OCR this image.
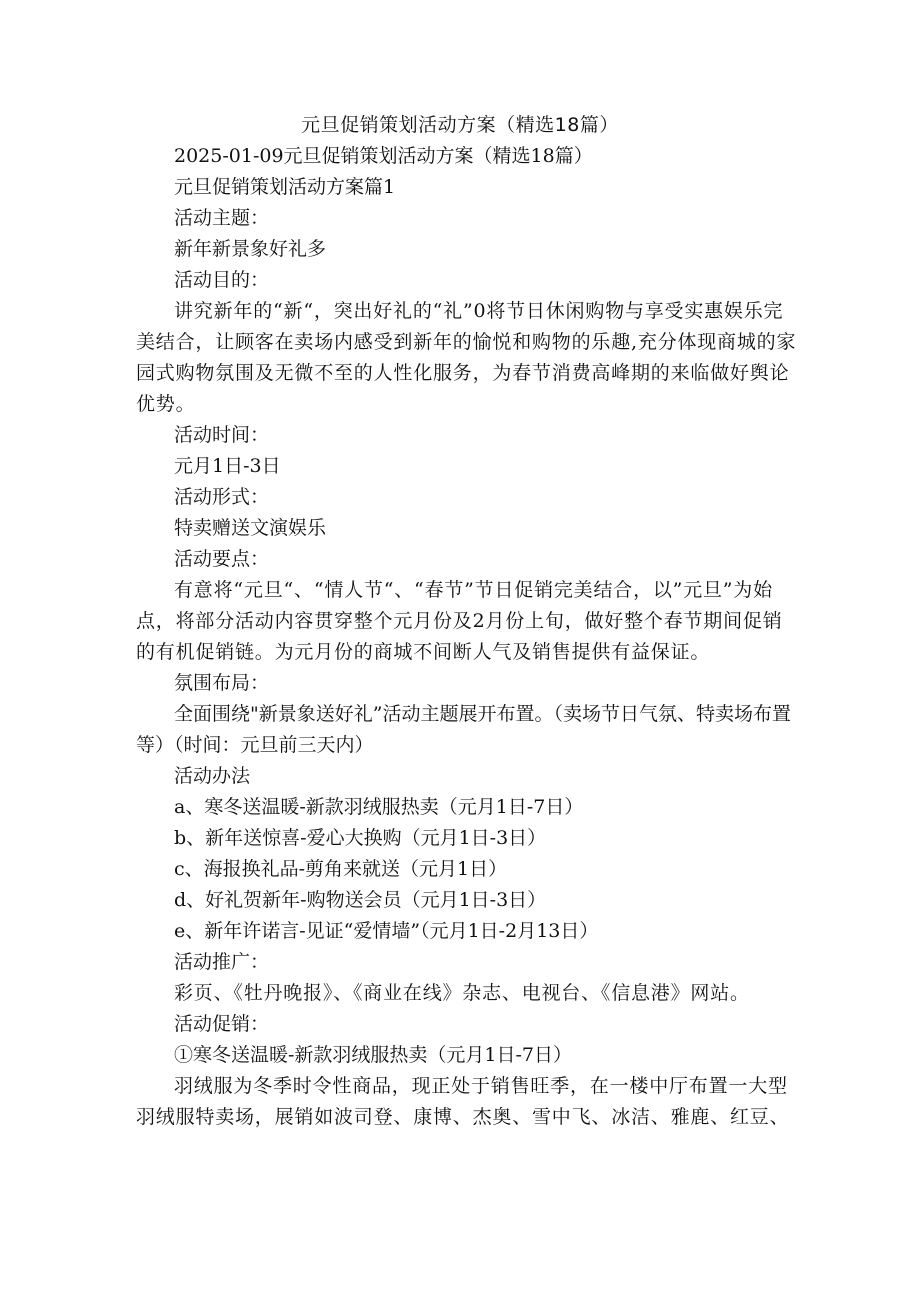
元旦促销策划活动方案（精选18篇）

2025-01-09元旦促销策划活动方案（精选18篇）

元旦促销策划活动方案篇1

活动主题：

新年新景象好礼多

活动目的：

讲究新年的“新“，突出好礼的“礼”0将节日休闲购物与享受实惠娱乐完美结合，让顾客在卖场内感受到新年的愉悦和购物的乐趣,充分体现商城的家园式购物氛围及无微不至的人性化服务，为春节消费高峰期的来临做好舆论优势。

活动时间：

元月1日-3日

活动形式：

特卖赠送文演娱乐

活动要点：

有意将“元旦“、“情人节“、“春节”节日促销完美结合，以”元旦”为始点，将部分活动内容贯穿整个元月份及2月份上旬，做好整个春节期间促销的有机促销链。为元月份的商城不间断人气及销售提供有益保证。

氛围布局：

全面围绕"新景象送好礼”活动主题展开布置。（卖场节日气氛、特卖场布置等）（时间：元旦前三天内）

活动办法

a、寒冬送温暖-新款羽绒服热卖（元月1日-7日）

b、新年送惊喜-爱心大换购（元月1日-3日）

c、海报换礼品-剪角来就送（元月1日）

d、好礼贺新年-购物送会员（元月1日-3日）

e、新年许诺言-见证“爱情墙”（元月1日-2月13日）

活动推广：

彩页、《牡丹晚报》、《商业在线》杂志、电视台、《信息港》网站。

活动促销：

①寒冬送温暖-新款羽绒服热卖（元月1日-7日）

羽绒服为冬季时令性商品，现正处于销售旺季，在一楼中厅布置一大型羽绒服特卖场，展销如波司登、康博、杰奥、雪中飞、冰洁、雅鹿、红豆、
